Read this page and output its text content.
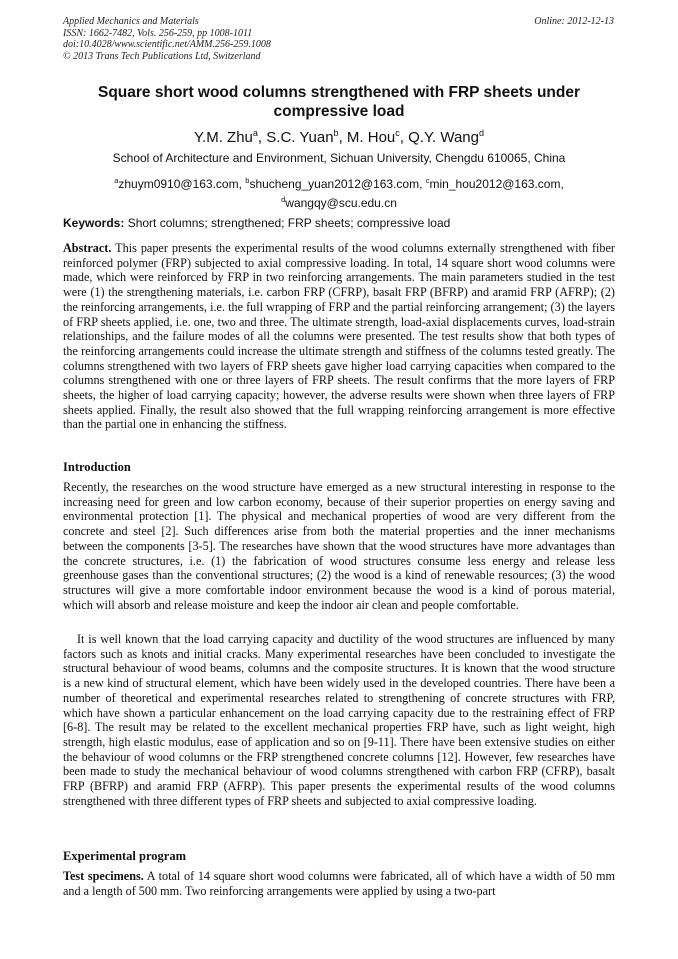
Applied Mechanics and Materials
ISSN: 1662-7482, Vols. 256-259, pp 1008-1011
doi:10.4028/www.scientific.net/AMM.256-259.1008
© 2013 Trans Tech Publications Ltd, Switzerland
Online: 2012-12-13
Square short wood columns strengthened with FRP sheets under
compressive load
Y.M. Zhu$^a$, S.C. Yuan$^b$, M. Hou$^c$, Q.Y. Wang$^d$
School of Architecture and Environment, Sichuan University, Chengdu 610065, China
$^a$zhuym0910@163.com, $^b$shucheng_yuan2012@163.com, $^c$min_hou2012@163.com,
$^d$wangqy@scu.edu.cn
Keywords: Short columns; strengthened; FRP sheets; compressive load
Abstract. This paper presents the experimental results of the wood columns externally strengthened with fiber reinforced polymer (FRP) subjected to axial compressive loading. In total, 14 square short wood columns were made, which were reinforced by FRP in two reinforcing arrangements. The main parameters studied in the test were (1) the strengthening materials, i.e. carbon FRP (CFRP), basalt FRP (BFRP) and aramid FRP (AFRP); (2) the reinforcing arrangements, i.e. the full wrapping of FRP and the partial reinforcing arrangement; (3) the layers of FRP sheets applied, i.e. one, two and three. The ultimate strength, load-axial displacements curves, load-strain relationships, and the failure modes of all the columns were presented. The test results show that both types of the reinforcing arrangements could increase the ultimate strength and stiffness of the columns tested greatly. The columns strengthened with two layers of FRP sheets gave higher load carrying capacities when compared to the columns strengthened with one or three layers of FRP sheets. The result confirms that the more layers of FRP sheets, the higher of load carrying capacity; however, the adverse results were shown when three layers of FRP sheets applied. Finally, the result also showed that the full wrapping reinforcing arrangement is more effective than the partial one in enhancing the stiffness.
Introduction
Recently, the researches on the wood structure have emerged as a new structural interesting in response to the increasing need for green and low carbon economy, because of their superior properties on energy saving and environmental protection [1]. The physical and mechanical properties of wood are very different from the concrete and steel [2]. Such differences arise from both the material properties and the inner mechanisms between the components [3-5]. The researches have shown that the wood structures have more advantages than the concrete structures, i.e. (1) the fabrication of wood structures consume less energy and release less greenhouse gases than the conventional structures; (2) the wood is a kind of renewable resources; (3) the wood structures will give a more comfortable indoor environment because the wood is a kind of porous material, which will absorb and release moisture and keep the indoor air clean and people comfortable.
It is well known that the load carrying capacity and ductility of the wood structures are influenced by many factors such as knots and initial cracks. Many experimental researches have been concluded to investigate the structural behaviour of wood beams, columns and the composite structures. It is known that the wood structure is a new kind of structural element, which have been widely used in the developed countries. There have been a number of theoretical and experimental researches related to strengthening of concrete structures with FRP, which have shown a particular enhancement on the load carrying capacity due to the restraining effect of FRP [6-8]. The result may be related to the excellent mechanical properties FRP have, such as light weight, high strength, high elastic modulus, ease of application and so on [9-11]. There have been extensive studies on either the behaviour of wood columns or the FRP strengthened concrete columns [12]. However, few researches have been made to study the mechanical behaviour of wood columns strengthened with carbon FRP (CFRP), basalt FRP (BFRP) and aramid FRP (AFRP). This paper presents the experimental results of the wood columns strengthened with three different types of FRP sheets and subjected to axial compressive loading.
Experimental program
Test specimens. A total of 14 square short wood columns were fabricated, all of which have a width of 50 mm and a length of 500 mm. Two reinforcing arrangements were applied by using a two-part
